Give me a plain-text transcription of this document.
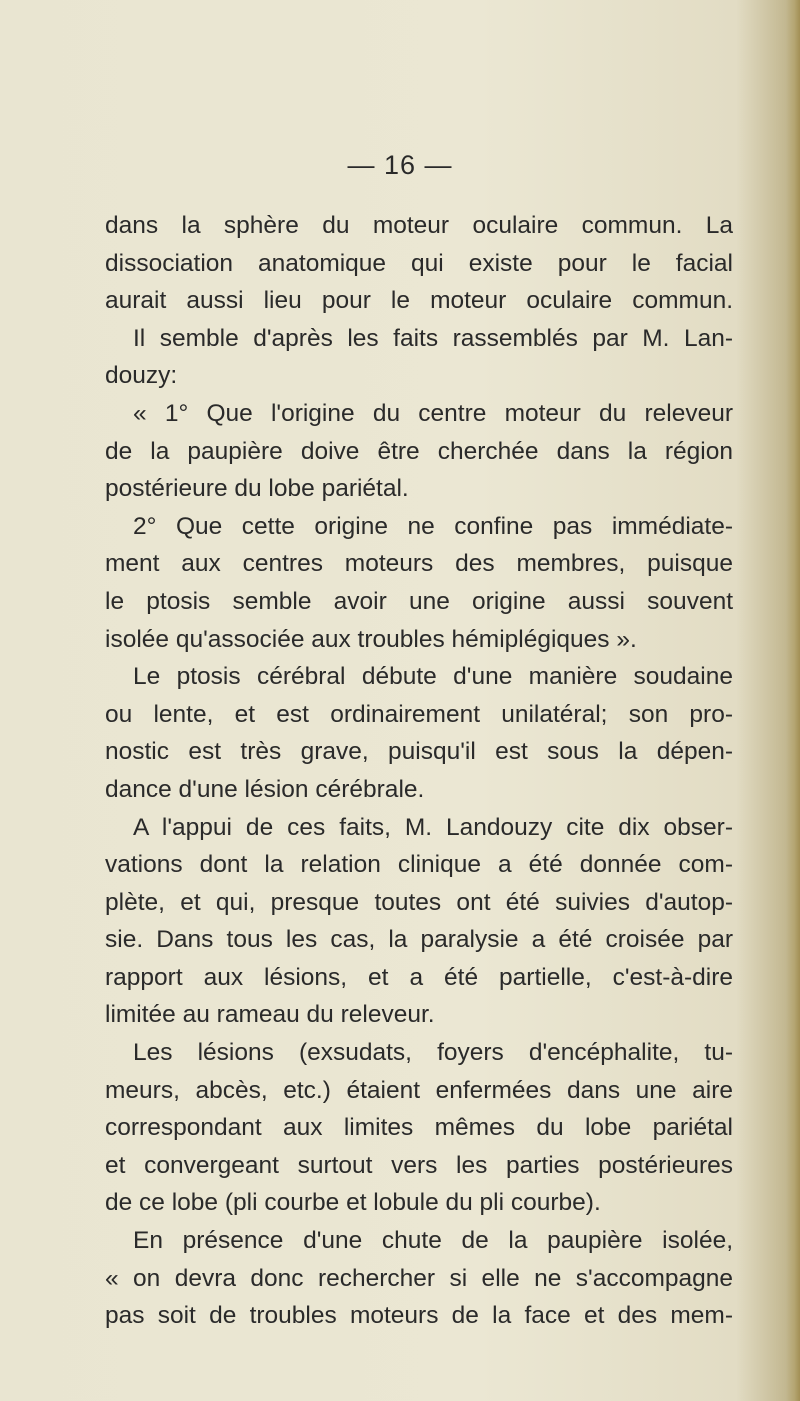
— 16 —
dans la sphère du moteur oculaire commun. La
dissociation anatomique qui existe pour le facial
aurait aussi lieu pour le moteur oculaire commun.
Il semble d'après les faits rassemblés par M. Lan-
douzy:
« 1° Que l'origine du centre moteur du releveur
de la paupière doive être cherchée dans la région
postérieure du lobe pariétal.
2° Que cette origine ne confine pas immédiate-
ment aux centres moteurs des membres, puisque
le ptosis semble avoir une origine aussi souvent
isolée qu'associée aux troubles hémiplégiques ».
Le ptosis cérébral débute d'une manière soudaine
ou lente, et est ordinairement unilatéral; son pro-
nostic est très grave, puisqu'il est sous la dépen-
dance d'une lésion cérébrale.
A l'appui de ces faits, M. Landouzy cite dix obser-
vations dont la relation clinique a été donnée com-
plète, et qui, presque toutes ont été suivies d'autop-
sie. Dans tous les cas, la paralysie a été croisée par
rapport aux lésions, et a été partielle, c'est-à-dire
limitée au rameau du releveur.
Les lésions (exsudats, foyers d'encéphalite, tu-
meurs, abcès, etc.) étaient enfermées dans une aire
correspondant aux limites mêmes du lobe pariétal
et convergeant surtout vers les parties postérieures
de ce lobe (pli courbe et lobule du pli courbe).
En présence d'une chute de la paupière isolée,
« on devra donc rechercher si elle ne s'accompagne
pas soit de troubles moteurs de la face et des mem-
